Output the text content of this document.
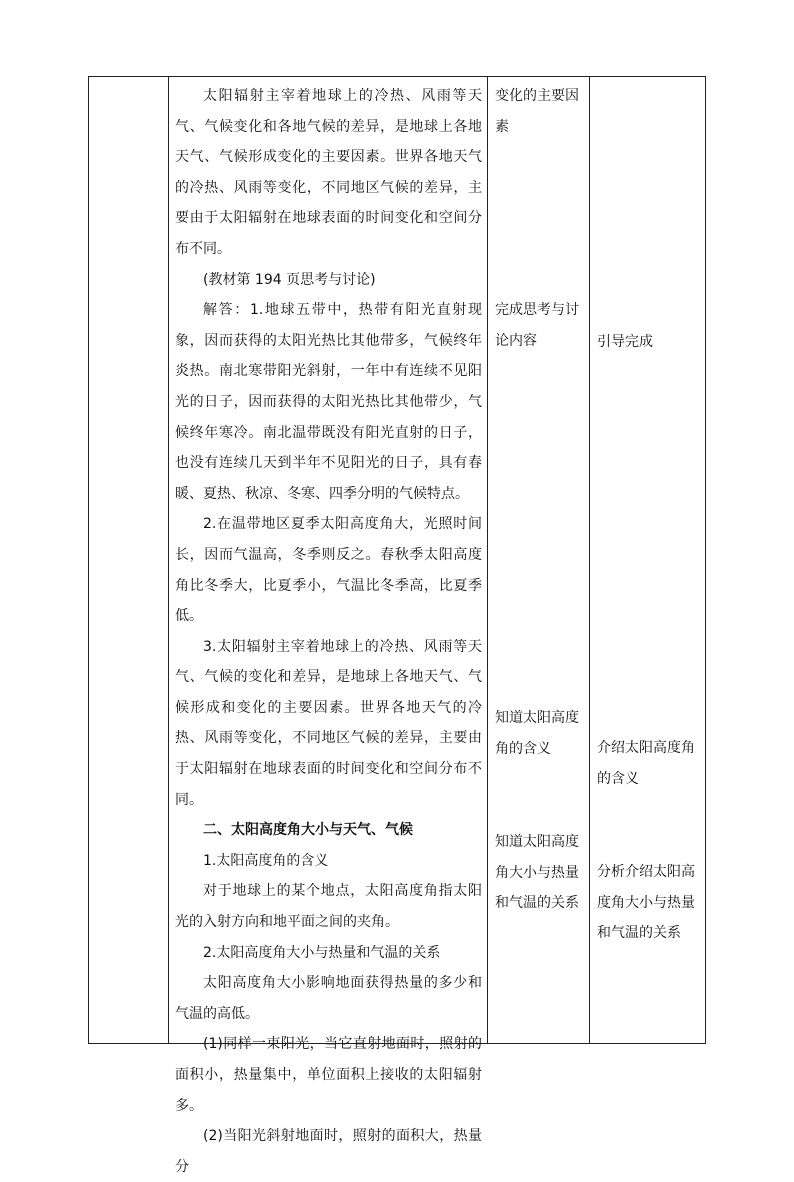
太阳辐射主宰着地球上的冷热、风雨等天气、气候变化和各地气候的差异，是地球上各地天气、气候形成变化的主要因素。世界各地天气的冷热、风雨等变化，不同地区气候的差异，主要由于太阳辐射在地球表面的时间变化和空间分布不同。

(教材第 194 页思考与讨论)

解答：1.地球五带中，热带有阳光直射现象，因而获得的太阳光热比其他带多，气候终年炎热。南北寒带阳光斜射，一年中有连续不见阳光的日子，因而获得的太阳光热比其他带少，气候终年寒冷。南北温带既没有阳光直射的日子，也没有连续几天到半年不见阳光的日子，具有春暖、夏热、秋凉、冬寒、四季分明的气候特点。

2.在温带地区夏季太阳高度角大，光照时间长，因而气温高，冬季则反之。春秋季太阳高度角比冬季大，比夏季小，气温比冬季高，比夏季低。

3.太阳辐射主宰着地球上的冷热、风雨等天气、气候的变化和差异，是地球上各地天气、气候形成和变化的主要因素。世界各地天气的冷热、风雨等变化，不同地区气候的差异，主要由于太阳辐射在地球表面的时间变化和空间分布不同。

二、太阳高度角大小与天气、气候

1.太阳高度角的含义

对于地球上的某个地点，太阳高度角指太阳光的入射方向和地平面之间的夹角。

2.太阳高度角大小与热量和气温的关系

太阳高度角大小影响地面获得热量的多少和气温的高低。

(1)同样一束阳光，当它直射地面时，照射的面积小，热量集中，单位面积上接收的太阳辐射多。

(2)当阳光斜射地面时，照射的面积大，热量分

变化的主要因
素

完成思考与讨
论内容

知道太阳高度
角的含义

知道太阳高度
角大小与热量
和气温的关系

引导完成

介绍太阳高度角
的含义

分析介绍太阳高
度角大小与热量
和气温的关系
